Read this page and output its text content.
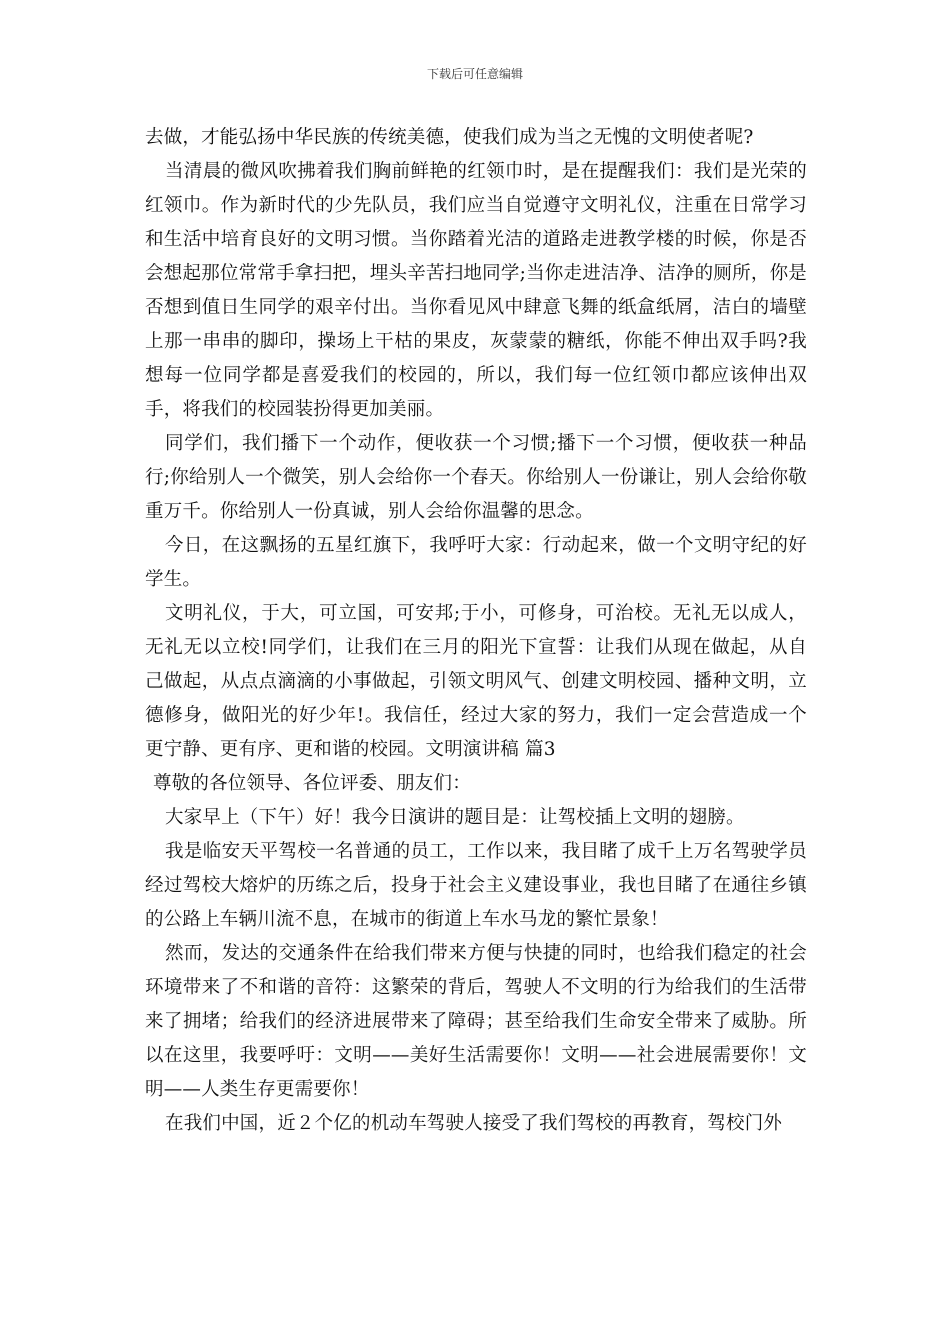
下载后可任意编辑

去做，才能弘扬中华民族的传统美德，使我们成为当之无愧的文明使者呢?

当清晨的微风吹拂着我们胸前鲜艳的红领巾时，是在提醒我们：我们是光荣的红领巾。作为新时代的少先队员，我们应当自觉遵守文明礼仪，注重在日常学习和生活中培育良好的文明习惯。当你踏着光洁的道路走进教学楼的时候，你是否会想起那位常常手拿扫把，埋头辛苦扫地同学;当你走进洁净、洁净的厕所，你是否想到值日生同学的艰辛付出。当你看见风中肆意飞舞的纸盒纸屑，洁白的墙壁上那一串串的脚印，操场上干枯的果皮，灰蒙蒙的糖纸，你能不伸出双手吗?我想每一位同学都是喜爱我们的校园的，所以，我们每一位红领巾都应该伸出双手，将我们的校园装扮得更加美丽。

同学们，我们播下一个动作，便收获一个习惯;播下一个习惯，便收获一种品行;你给别人一个微笑，别人会给你一个春天。你给别人一份谦让，别人会给你敬重万千。你给别人一份真诚，别人会给你温馨的思念。

今日，在这飘扬的五星红旗下，我呼吁大家：行动起来，做一个文明守纪的好学生。

文明礼仪，于大，可立国，可安邦;于小，可修身，可治校。无礼无以成人，无礼无以立校!同学们，让我们在三月的阳光下宣誓：让我们从现在做起，从自己做起，从点点滴滴的小事做起，引领文明风气、创建文明校园、播种文明，立德修身，做阳光的好少年!。我信任，经过大家的努力，我们一定会营造成一个更宁静、更有序、更和谐的校园。文明演讲稿 篇3

尊敬的各位领导、各位评委、朋友们：

大家早上（下午）好！我今日演讲的题目是：让驾校插上文明的翅膀。

我是临安天平驾校一名普通的员工，工作以来，我目睹了成千上万名驾驶学员经过驾校大熔炉的历练之后，投身于社会主义建设事业，我也目睹了在通往乡镇的公路上车辆川流不息，在城市的街道上车水马龙的繁忙景象！

然而，发达的交通条件在给我们带来方便与快捷的同时，也给我们稳定的社会环境带来了不和谐的音符：这繁荣的背后，驾驶人不文明的行为给我们的生活带来了拥堵；给我们的经济进展带来了障碍；甚至给我们生命安全带来了威胁。所以在这里，我要呼吁：文明——美好生活需要你！文明——社会进展需要你！文明——人类生存更需要你！

在我们中国，近２个亿的机动车驾驶人接受了我们驾校的再教育，驾校门外
